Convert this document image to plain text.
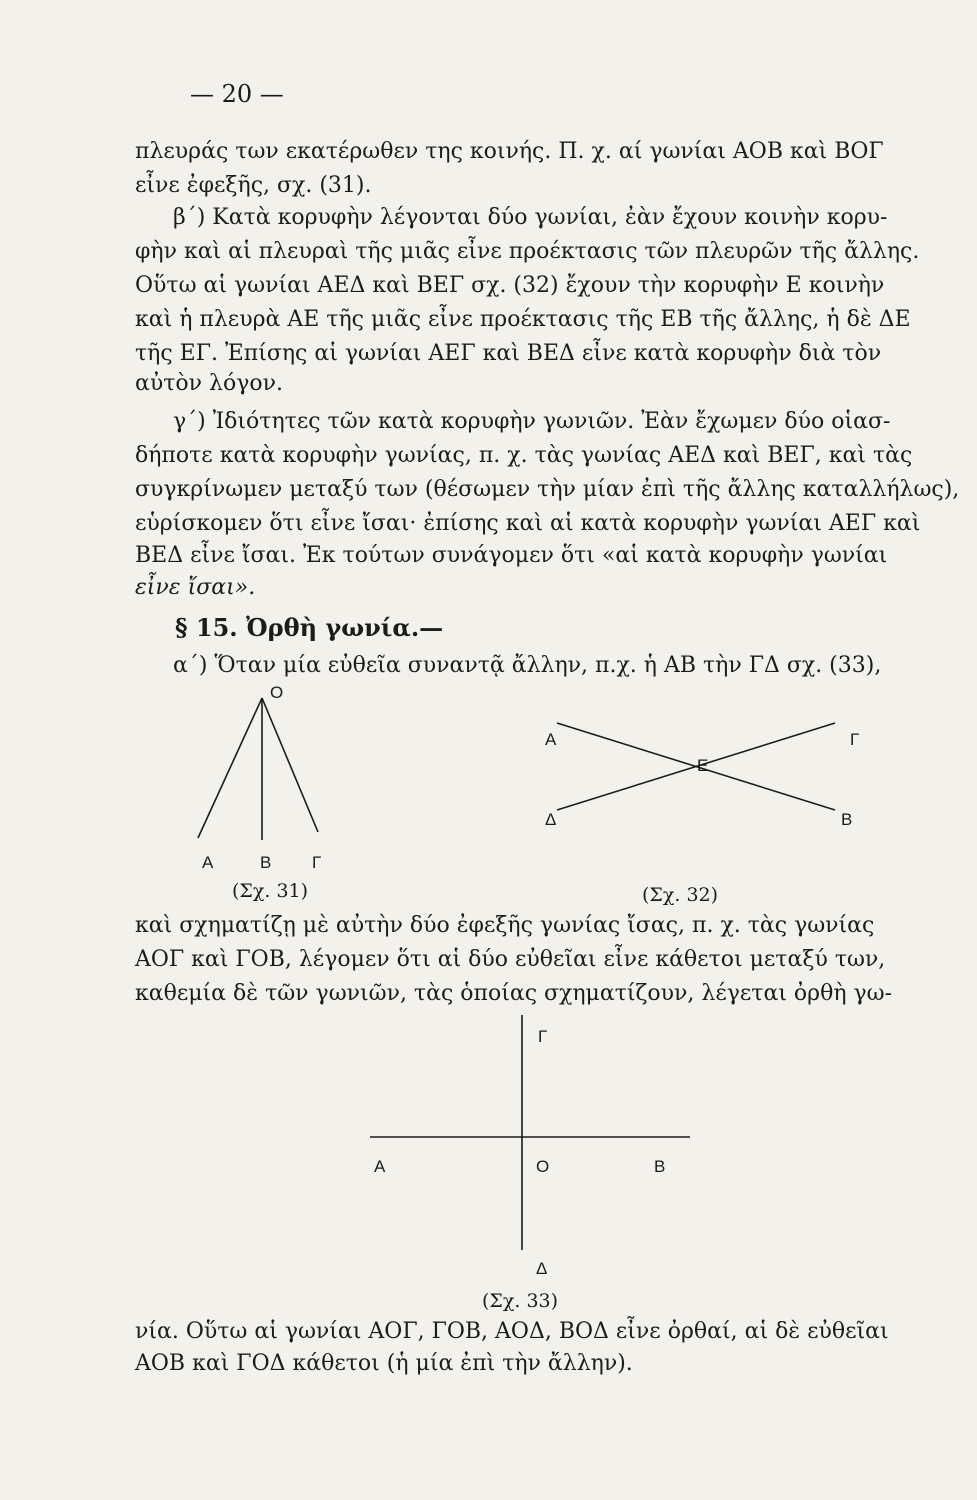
— 20 —
πλευράς των εκατέρωθεν της κοινής. Π. χ. αί γωνίαι ΑΟΒ καὶ ΒΟΓ
εἶνε ἐφεξῆς, σχ. (31).
β´) Κατὰ κορυφὴν λέγονται δύο γωνίαι, ἐὰν ἔχουν κοινὴν κορυ-
φὴν καὶ αἱ πλευραὶ τῆς μιᾶς εἶνε προέκτασις τῶν πλευρῶν τῆς ἄλλης.
Οὕτω αἱ γωνίαι ΑΕΔ καὶ ΒΕΓ σχ. (32) ἔχουν τὴν κορυφὴν Ε κοινὴν
καὶ ἡ πλευρὰ ΑΕ τῆς μιᾶς εἶνε προέκτασις τῆς ΕΒ τῆς ἄλλης, ἡ δὲ ΔΕ
τῆς ΕΓ. Ἐπίσης αἱ γωνίαι ΑΕΓ καὶ ΒΕΔ εἶνε κατὰ κορυφὴν διὰ τὸν
αὐτὸν λόγον.
γ´) Ἰδιότητες τῶν κατὰ κορυφὴν γωνιῶν. Ἐὰν ἔχωμεν δύο οἱασ-
δήποτε κατὰ κορυφὴν γωνίας, π. χ. τὰς γωνίας ΑΕΔ καὶ ΒΕΓ, καὶ τὰς
συγκρίνωμεν μεταξύ των (θέσωμεν τὴν μίαν ἐπὶ τῆς ἄλλης καταλλήλως),
εὑρίσκομεν ὅτι εἶνε ἴσαι· ἐπίσης καὶ αἱ κατὰ κορυφὴν γωνίαι ΑΕΓ καὶ
ΒΕΔ εἶνε ἴσαι. Ἐκ τούτων συνάγομεν ὅτι «αἱ κατὰ κορυφὴν γωνίαι
εἶνε ἴσαι».
§ 15. Ὀρθὴ γωνία.—
α´) Ὅταν μία εὐθεῖα συναντᾷ ἄλλην, π.χ. ἡ ΑΒ τὴν ΓΔ σχ. (33),
O
Α	Β Γ
(Σχ. 31)
Α	Γ
Ε
Δ	Β
(Σχ. 32)
καὶ σχηματίζῃ μὲ αὐτὴν δύο ἐφεξῆς γωνίας ἴσας, π. χ. τὰς γωνίας
ΑΟΓ καὶ ΓΟΒ, λέγομεν ὅτι αἱ δύο εὐθεῖαι εἶνε κάθετοι μεταξύ των,
καθεμία δὲ τῶν γωνιῶν, τὰς ὁποίας σχηματίζουν, λέγεται ὀρθὴ γω-
Γ
Α	Ο	Β
Δ
(Σχ. 33)
νία. Οὕτω αἱ γωνίαι ΑΟΓ, ΓΟΒ, ΑΟΔ, ΒΟΔ εἶνε ὀρθαί, αἱ δὲ εὐθεῖαι
ΑΟΒ καὶ ΓΟΔ κάθετοι (ἡ μία ἐπὶ τὴν ἄλλην).
